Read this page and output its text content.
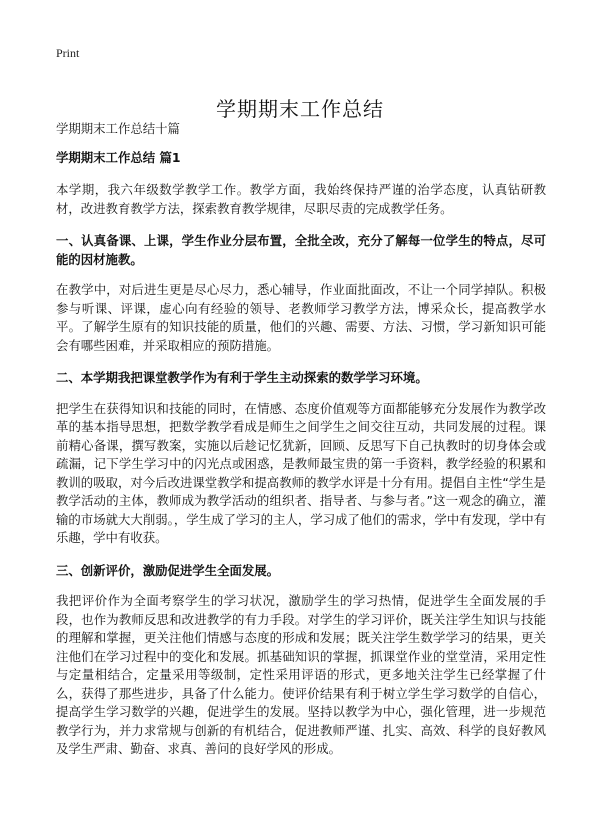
Print
学期期末工作总结

学期期末工作总结十篇

学期期末工作总结 篇1

本学期，我六年级数学教学工作。教学方面，我始终保持严谨的治学态度，认真钻研教材，改进教育教学方法，探索教育教学规律，尽职尽责的完成教学任务。

一、认真备课、上课，学生作业分层布置，全批全改，充分了解每一位学生的特点，尽可能的因材施教。

在教学中，对后进生更是尽心尽力，悉心辅导，作业面批面改，不让一个同学掉队。积极参与听课、评课，虚心向有经验的领导、老教师学习教学方法，博采众长，提高教学水平。了解学生原有的知识技能的质量，他们的兴趣、需要、方法、习惯，学习新知识可能会有哪些困难，并采取相应的预防措施。

二、本学期我把课堂教学作为有利于学生主动探索的数学学习环境。

把学生在获得知识和技能的同时，在情感、态度价值观等方面都能够充分发展作为教学改革的基本指导思想，把数学教学看成是师生之间学生之间交往互动，共同发展的过程。课前精心备课，撰写教案，实施以后趁记忆犹新，回顾、反思写下自己执教时的切身体会或疏漏，记下学生学习中的闪光点或困惑，是教师最宝贵的第一手资料，教学经验的积累和教训的吸取，对今后改进课堂教学和提高教师的教学水评是十分有用。提倡自主性“学生是教学活动的主体，教师成为教学活动的组织者、指导者、与参与者。”这一观念的确立，灌输的市场就大大削弱。，学生成了学习的主人，学习成了他们的需求，学中有发现，学中有乐趣，学中有收获。

三、创新评价，激励促进学生全面发展。

我把评价作为全面考察学生的学习状况，激励学生的学习热情，促进学生全面发展的手段，也作为教师反思和改进教学的有力手段。对学生的学习评价，既关注学生知识与技能的理解和掌握，更关注他们情感与态度的形成和发展；既关注学生数学学习的结果，更关注他们在学习过程中的变化和发展。抓基础知识的掌握，抓课堂作业的堂堂清，采用定性与定量相结合，定量采用等级制，定性采用评语的形式，更多地关注学生已经掌握了什么，获得了那些进步，具备了什么能力。使评价结果有利于树立学生学习数学的自信心，提高学生学习数学的兴趣，促进学生的发展。坚持以教学为中心，强化管理，进一步规范教学行为，并力求常规与创新的有机结合，促进教师严谨、扎实、高效、科学的良好教风及学生严肃、勤奋、求真、善问的良好学风的形成。
